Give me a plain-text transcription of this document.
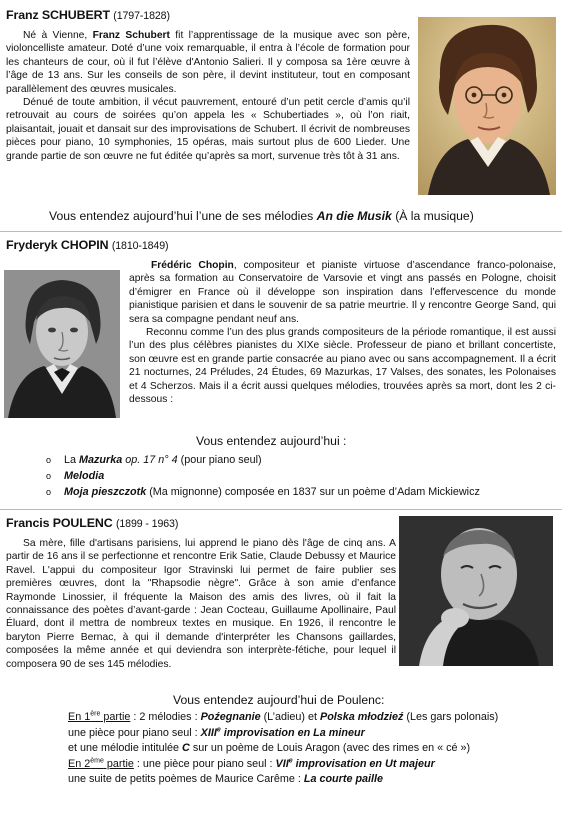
Franz SCHUBERT (1797-1828)

Né à Vienne, Franz Schubert fit l’apprentissage de la musique avec son père, violoncelliste amateur. Doté d’une voix remarquable, il entra à l’école de formation pour les chanteurs de cour, où il fut l’élève d'Antonio Salieri. Il y composa sa 1ère œuvre à l’âge de 13 ans. Sur les conseils de son père, il devint instituteur, tout en composant parallèlement des œuvres musicales.

Dénué de toute ambition, il vécut pauvrement, entouré d’un petit cercle d’amis qu’il retrouvait au cours de soirées qu’on appela les « Schubertiades », où l’on riait, plaisantait, jouait et dansait sur des improvisations de Schubert. Il écrivit de nombreuses pièces pour piano, 10 symphonies, 15 opéras, mais surtout plus de 600 Lieder. Une grande partie de son œuvre ne fut éditée qu’après sa mort, survenue très tôt à 31 ans.

Vous entendez aujourd’hui l’une de ses mélodies An die Musik (À la musique)
Fryderyk CHOPIN (1810-1849)

Frédéric Chopin, compositeur et pianiste virtuose d’ascendance franco-polonaise, après sa formation au Conservatoire de Varsovie et vingt ans passés en Pologne, choisit d’émigrer en France où il développe son inspiration dans l’effervescence du monde pianistique parisien et dans le souvenir de sa patrie meurtrie. Il y rencontre George Sand, qui sera sa compagne pendant neuf ans.

Reconnu comme l’un des plus grands compositeurs de la période romantique, il est aussi l’un des plus célèbres pianistes du XIXe siècle. Professeur de piano et brillant concertiste, son œuvre est en grande partie consacrée au piano avec ou sans accompagnement. Il a écrit 21 nocturnes, 24 Préludes, 24 Études, 69 Mazurkas, 17 Valses, des sonates, les Polonaises et 4 Scherzos. Mais il a écrit aussi quelques mélodies, trouvées après sa mort, dont les 2 ci-dessous :

Vous entendez aujourd’hui :
o La Mazurka op. 17 n° 4 (pour piano seul)
o Melodia
o Moja pieszczotk (Ma mignonne) composée en 1837 sur un poème d’Adam Mickiewicz
Francis POULENC (1899 - 1963)

Sa mère, fille d'artisans parisiens, lui apprend le piano dès l'âge de cinq ans. A partir de 16 ans il se perfectionne et rencontre Erik Satie, Claude Debussy et Maurice Ravel. L'appui du compositeur Igor Stravinski lui permet de faire publier ses premières œuvres, dont la "Rhapsodie nègre". Grâce à son amie d’enfance Raymonde Linossier, il fréquente la Maison des amis des livres, où il fait la connaissance des poètes d’avant-garde : Jean Cocteau, Guillaume Apollinaire, Paul Éluard, dont il mettra de nombreux textes en musique. En 1926, il rencontre le baryton Pierre Bernac, à qui il demande d'interpréter les Chansons gaillardes, composées la même année et qui deviendra son interprète-fétiche, pour lequel il composera 90 de ses 145 mélodies.

Vous entendez aujourd’hui de Poulenc:
En 1ère partie : 2 mélodies : Poźegnanie (L’adieu) et Polska młodzieź (Les gars polonais)
une pièce pour piano seul : XIIIe improvisation en La mineur
et une mélodie intitulée C sur un poème de Louis Aragon (avec des rimes en « cé »)
En 2ème partie : une pièce pour piano seul : VIIe improvisation en Ut majeur
une suite de petits poèmes de Maurice Carême : La courte paille
